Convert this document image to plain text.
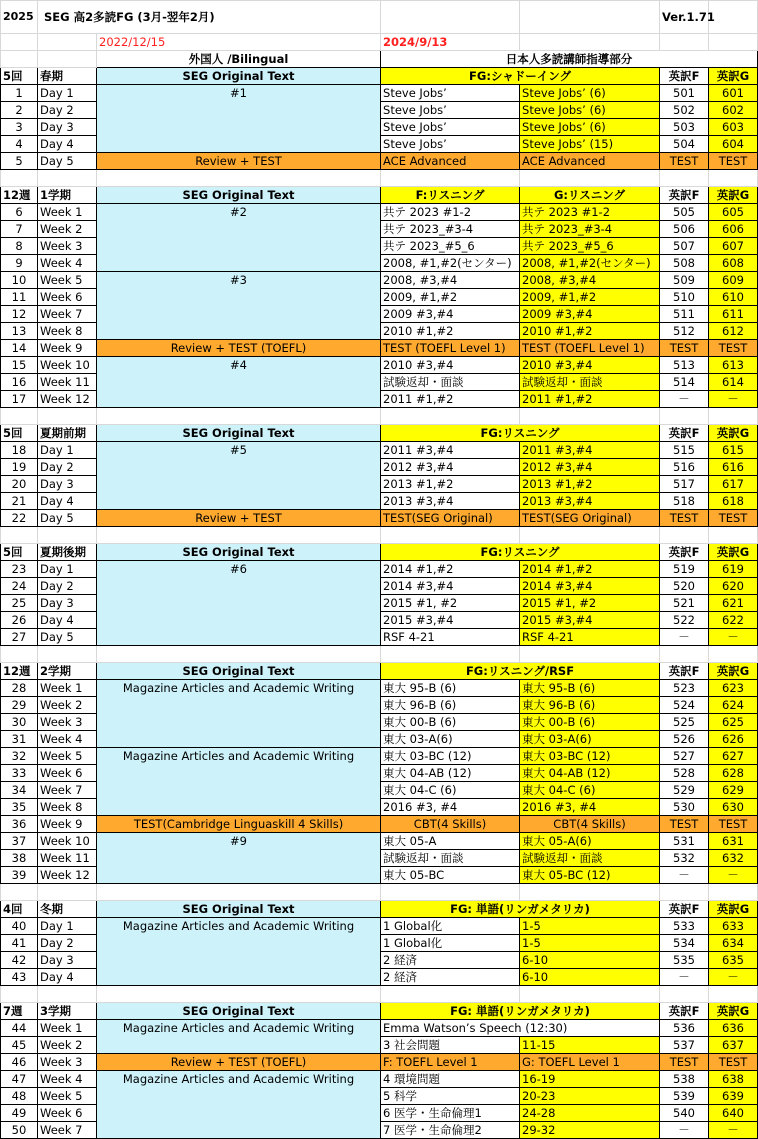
2025	SEG 高2多読FG (3月-翌年2月)				Ver.1.71	
		2022/12/15	2024/9/13			
		外国人 /Bilingual	日本人多読講師指導部分			
5回	春期	SEG Original Text	FG:シャドーイング		英訳F	英訳G
1	Day 1	#1	Steve Jobs’	Steve Jobs’ (6)	501	601
2	Day 2		Steve Jobs’	Steve Jobs’ (6)	502	602
3	Day 3		Steve Jobs’	Steve Jobs’ (6)	503	603
4	Day 4		Steve Jobs’	Steve Jobs’ (15)	504	604
5	Day 5	Review + TEST	ACE Advanced	ACE Advanced	TEST	TEST

12週	1学期	SEG Original Text	F:リスニング	G:リスニング	英訳F	英訳G
6	Week 1	#2	共テ 2023 #1-2	共テ 2023 #1-2	505	605
7	Week 2		共テ 2023_#3-4	共テ 2023_#3-4	506	606
8	Week 3		共テ 2023_#5_6	共テ 2023_#5_6	507	607
9	Week 4		2008, #1,#2(センター)	2008, #1,#2(センター)	508	608
10	Week 5	#3	2008, #3,#4	2008, #3,#4	509	609
11	Week 6		2009, #1,#2	2009, #1,#2	510	610
12	Week 7		2009 #3,#4	2009 #3,#4	511	611
13	Week 8		2010 #1,#2	2010 #1,#2	512	612
14	Week 9	Review + TEST (TOEFL)	TEST (TOEFL Level 1)	TEST (TOEFL Level 1)	TEST	TEST
15	Week 10	#4	2010 #3,#4	2010 #3,#4	513	613
16	Week 11		試験返却・面談	試験返却・面談	514	614
17	Week 12		2011 #1,#2	2011 #1,#2	－	－

5回	夏期前期	SEG Original Text	FG:リスニング		英訳F	英訳G
18	Day 1	#5	2011 #3,#4	2011 #3,#4	515	615
19	Day 2		2012 #3,#4	2012 #3,#4	516	616
20	Day 3		2013 #1,#2	2013 #1,#2	517	617
21	Day 4		2013 #3,#4	2013 #3,#4	518	618
22	Day 5	Review + TEST	TEST(SEG Original)	TEST(SEG Original)	TEST	TEST

5回	夏期後期	SEG Original Text	FG:リスニング		英訳F	英訳G
23	Day 1	#6	2014 #1,#2	2014 #1,#2	519	619
24	Day 2		2014 #3,#4	2014 #3,#4	520	620
25	Day 3		2015 #1, #2	2015 #1, #2	521	621
26	Day 4		2015 #3,#4	2015 #3,#4	522	622
27	Day 5		RSF 4-21	RSF 4-21	－	－

12週	2学期	SEG Original Text	FG:リスニング/RSF		英訳F	英訳G
28	Week 1	Magazine Articles and Academic Writing	東大 95-B (6)	東大 95-B (6)	523	623
29	Week 2		東大 96-B (6)	東大 96-B (6)	524	624
30	Week 3		東大 00-B (6)	東大 00-B (6)	525	625
31	Week 4		東大 03-A(6)	東大 03-A(6)	526	626
32	Week 5	Magazine Articles and Academic Writing	東大 03-BC (12)	東大 03-BC (12)	527	627
33	Week 6		東大 04-AB (12)	東大 04-AB (12)	528	628
34	Week 7		東大 04-C (6)	東大 04-C (6)	529	629
35	Week 8		2016 #3, #4	2016 #3, #4	530	630
36	Week 9	TEST(Cambridge Linguaskill 4 Skills)	CBT(4 Skills)	CBT(4 Skills)	TEST	TEST
37	Week 10	#9	東大 05-A	東大 05-A(6)	531	631
38	Week 11		試験返却・面談	試験返却・面談	532	632
39	Week 12		東大 05-BC	東大 05-BC (12)	－	－

4回	冬期	SEG Original Text	FG: 単語(リンガメタリカ)		英訳F	英訳G
40	Day 1	Magazine Articles and Academic Writing	1 Global化	1-5	533	633
41	Day 2		1 Global化	1-5	534	634
42	Day 3		2 経済	6-10	535	635
43	Day 4		2 経済	6-10	－	－

7週	3学期	SEG Original Text	FG: 単語(リンガメタリカ)		英訳F	英訳G
44	Week 1	Magazine Articles and Academic Writing	Emma Watson’s Speech (12:30)		536	636
45	Week 2		3 社会問題	11-15	537	637
46	Week 3	Review + TEST (TOEFL)	F: TOEFL Level 1	G: TOEFL Level 1	TEST	TEST
47	Week 4	Magazine Articles and Academic Writing	4 環境問題	16-19	538	638
48	Week 5		5 科学	20-23	539	639
49	Week 6		6 医学・生命倫理1	24-28	540	640
50	Week 7		7 医学・生命倫理2	29-32	－	－
